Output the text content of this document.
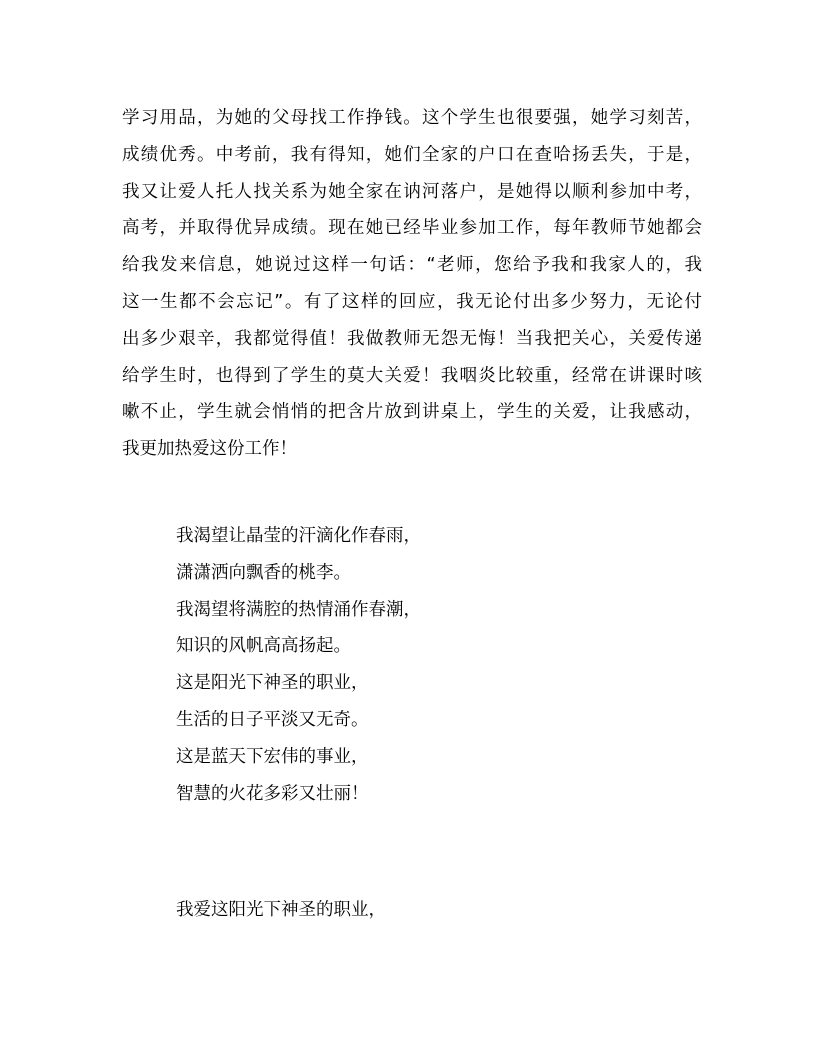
学习用品，为她的父母找工作挣钱。这个学生也很要强，她学习刻苦，
成绩优秀。中考前，我有得知，她们全家的户口在查哈扬丢失，于是，
我又让爱人托人找关系为她全家在讷河落户，是她得以顺利参加中考，
高考，并取得优异成绩。现在她已经毕业参加工作，每年教师节她都会
给我发来信息，她说过这样一句话：“老师，您给予我和我家人的，我
这一生都不会忘记”。有了这样的回应，我无论付出多少努力，无论付
出多少艰辛，我都觉得值！我做教师无怨无悔！当我把关心，关爱传递
给学生时，也得到了学生的莫大关爱！我咽炎比较重，经常在讲课时咳
嗽不止，学生就会悄悄的把含片放到讲桌上，学生的关爱，让我感动，
我更加热爱这份工作！
我渴望让晶莹的汗滴化作春雨，
潇潇洒向飘香的桃李。
我渴望将满腔的热情涌作春潮，
知识的风帆高高扬起。
这是阳光下神圣的职业，
生活的日子平淡又无奇。
这是蓝天下宏伟的事业，
智慧的火花多彩又壮丽！
我爱这阳光下神圣的职业，
